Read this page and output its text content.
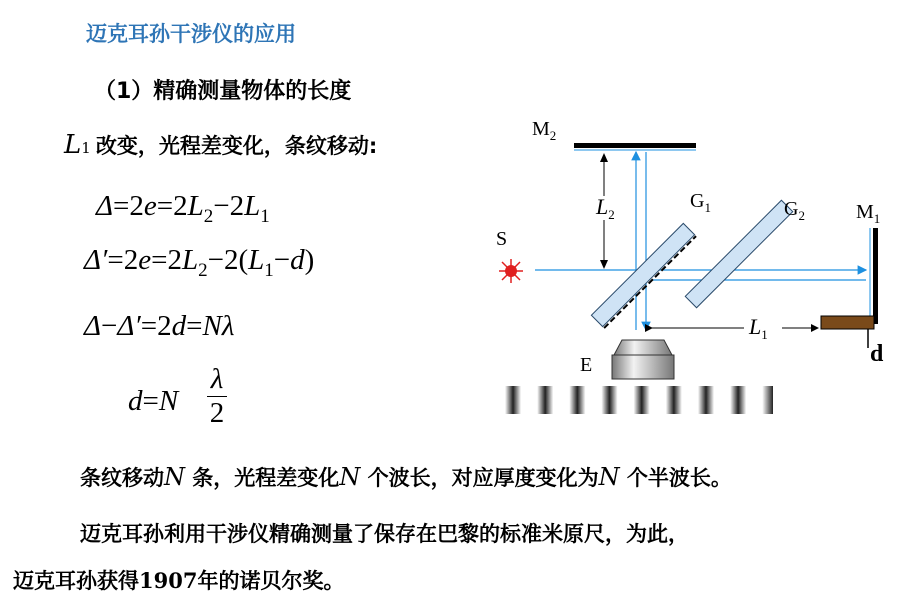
迈克耳孙干涉仪的应用
（1）精确测量物体的长度
L1 改变，光程差变化，条纹移动:
$\Delta=2e=2L_2-2L_1$
$\Delta'=2e=2L_2-2(L_1-d)$
Δ−Δ′=2d=Nλ
d=N
λ
2
条纹移动N 条，光程差变化N 个波长，对应厚度变化为N 个半波长。
迈克耳孙利用干涉仪精确测量了保存在巴黎的标准米原尺，为此，
迈克耳孙获得1907年的诺贝尔奖。
$M_2$
$G_1$	$G_2$	$M_1$
S
E
$L_2$
$L_1$
d
